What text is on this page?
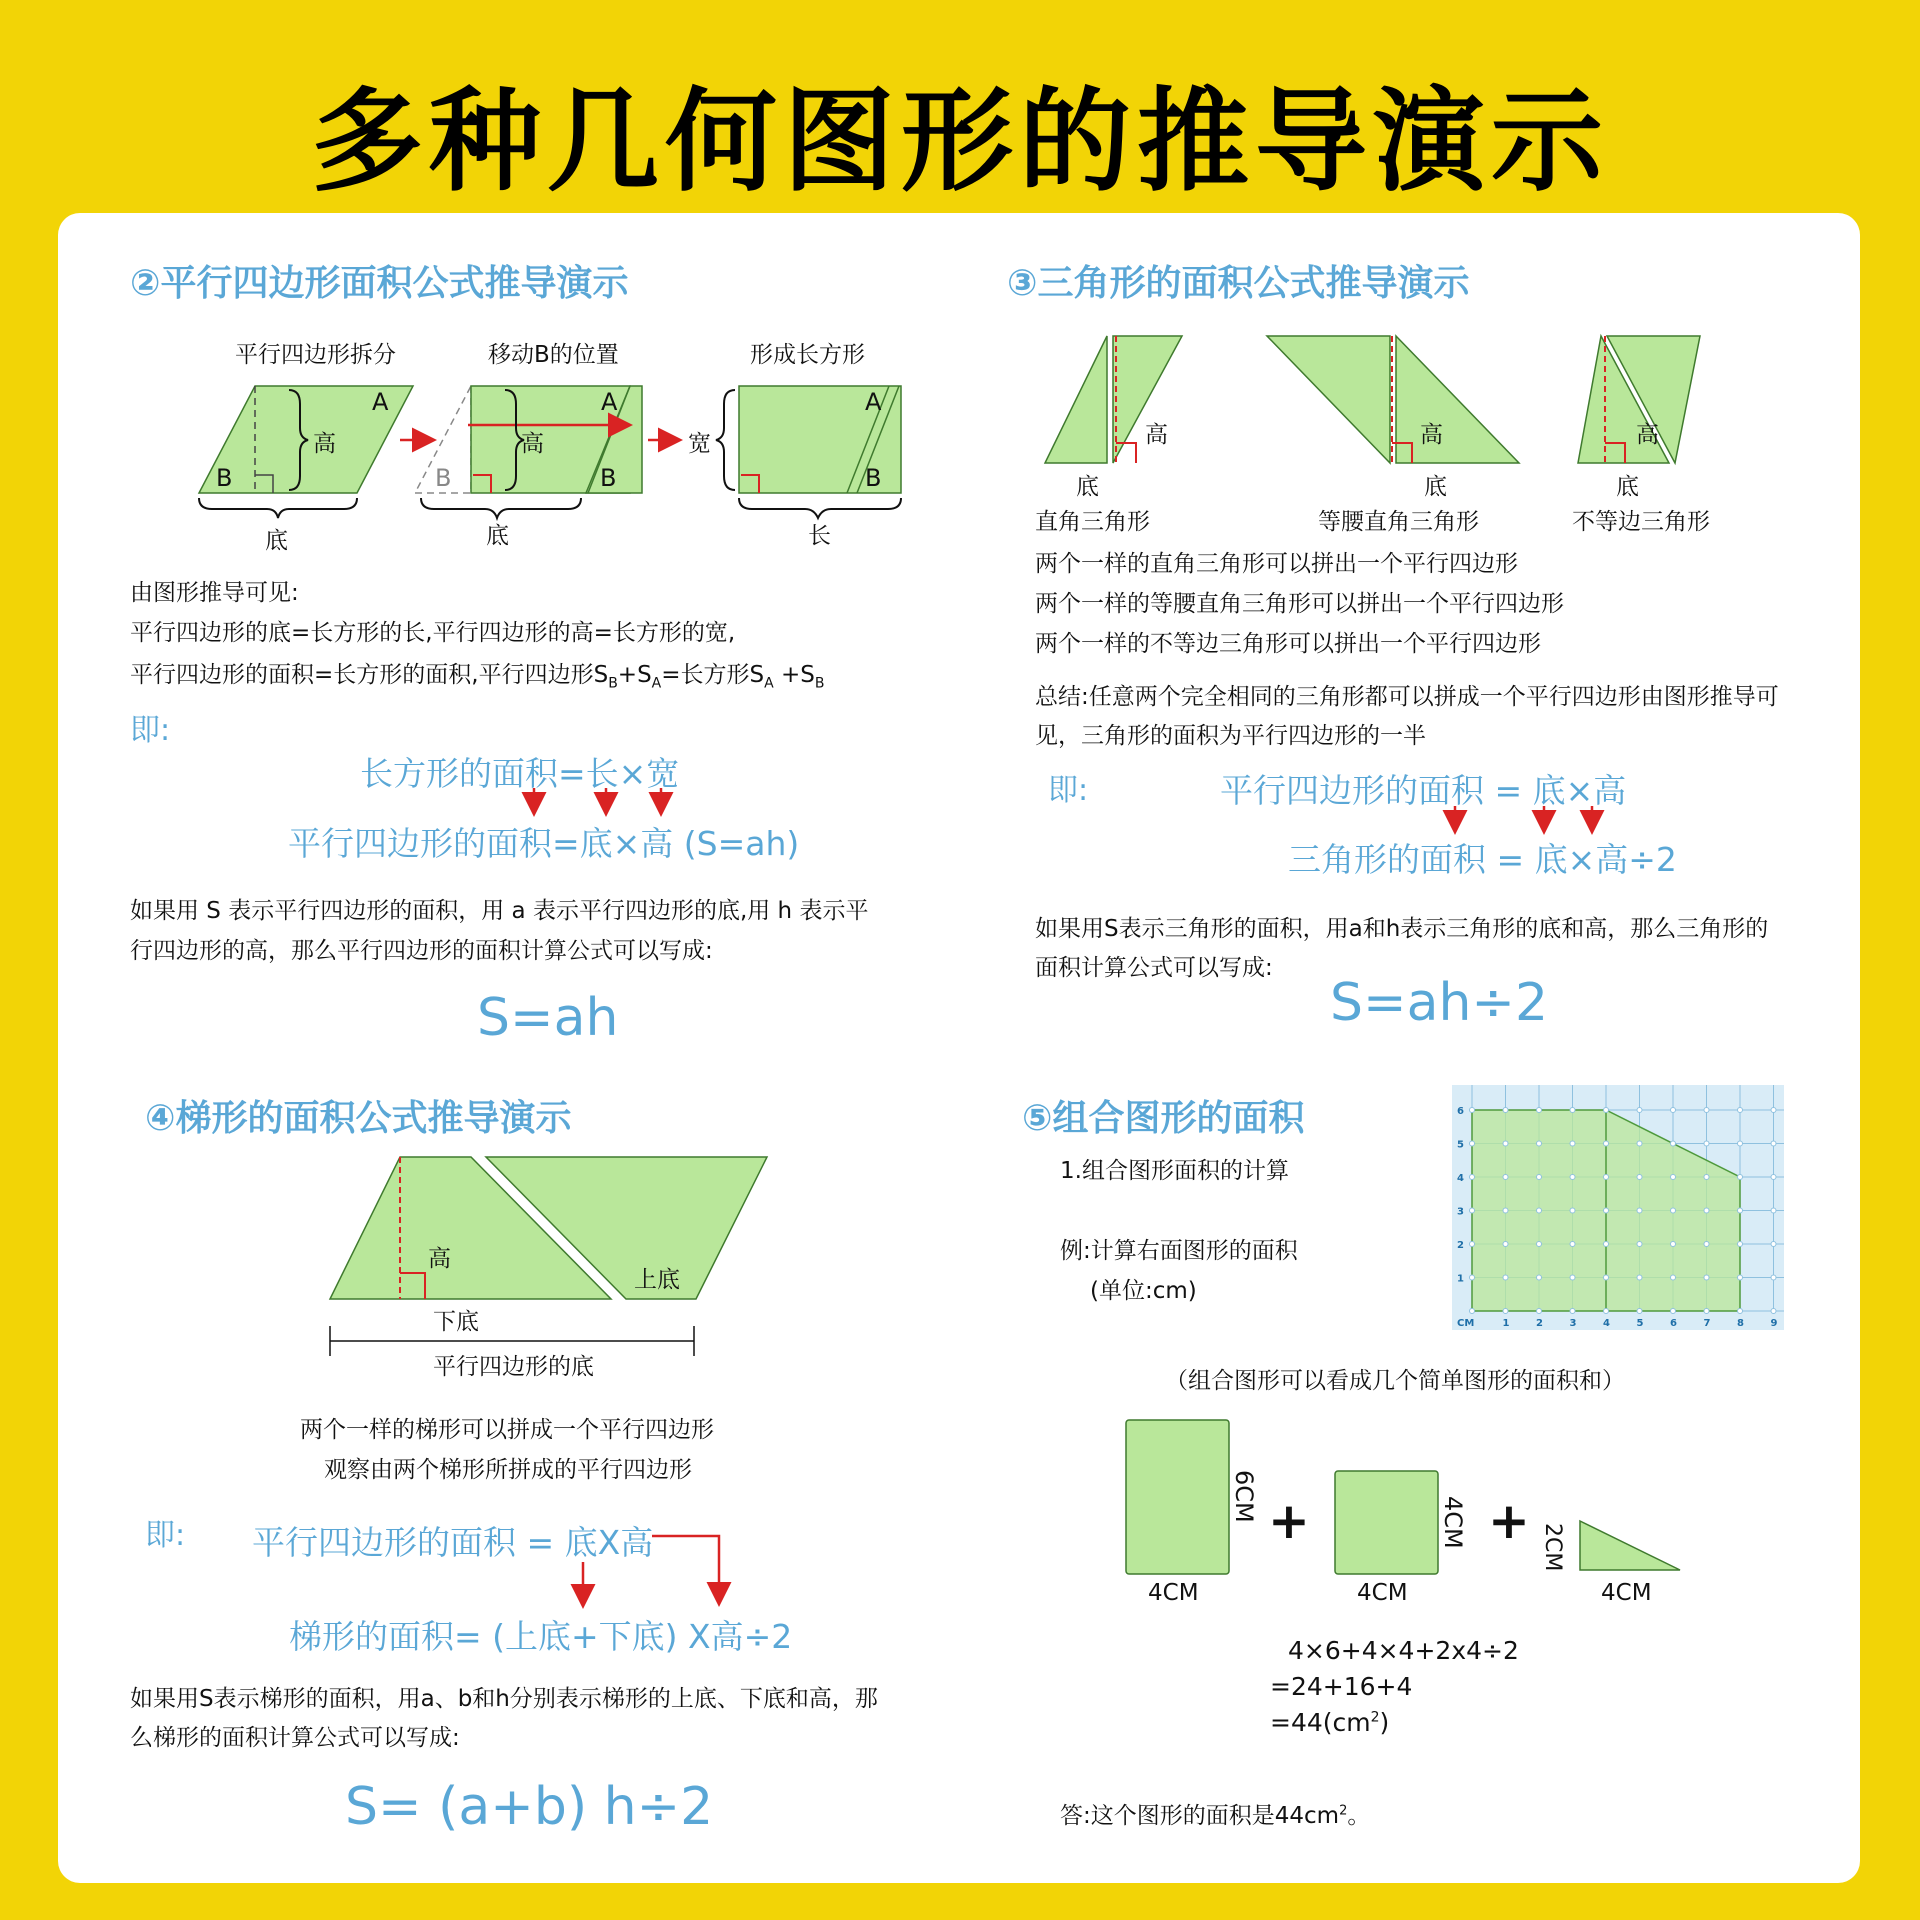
多种几何图形的推导演示
②平行四边形面积公式推导演示
平行四边形拆分	移动B的位置	形成长方形
A
B
高
底
A
B	B
高
底
A
B
宽
长
由图形推导可见:
平行四边形的底=长方形的长,平行四边形的高=长方形的宽,
平行四边形的面积=长方形的面积,平行四边形$S_B+S_A=$长方形$S_A +S_B$
即:
长方形的面积=长×宽
平行四边形的面积=底×高 (S=ah)
如果用 S 表示平行四边形的面积，用 a 表示平行四边形的底,用 h 表示平
行四边形的高，那么平行四边形的面积计算公式可以写成:
S=ah
③三角形的面积公式推导演示
高
底
高
底
高
底
直角三角形	等腰直角三角形	不等边三角形
两个一样的直角三角形可以拼出一个平行四边形
两个一样的等腰直角三角形可以拼出一个平行四边形
两个一样的不等边三角形可以拼出一个平行四边形
总结:任意两个完全相同的三角形都可以拼成一个平行四边形由图形推导可
见，三角形的面积为平行四边形的一半
即:	平行四边形的面积 = 底×高
三角形的面积 = 底×高÷2
如果用S表示三角形的面积，用a和h表示三角形的底和高，那么三角形的
面积计算公式可以写成:
S=ah÷2
④梯形的面积公式推导演示
高
上底
下底
平行四边形的底
两个一样的梯形可以拼成一个平行四边形
观察由两个梯形所拼成的平行四边形
即: 平行四边形的面积 = 底X高
梯形的面积= (上底+下底) X高÷2
如果用S表示梯形的面积，用a、b和h分别表示梯形的上底、下底和高，那
么梯形的面积计算公式可以写成:
S= (a+b) h÷2
⑤组合图形的面积
1.组合图形面积的计算
例:计算右面图形的面积
(单位:cm)
CM	1	2	3	4	5	6	7	8	9
1
2
3
4
5
6
（组合图形可以看成几个简单图形的面积和）
6CM
4CM
+	4CM
4CM
+ 2CM
4CM
4×6+4×4+2x4÷2
=24+16+4
$=44(cm^2)$
答:这个图形的面积是$44cm^2$。
